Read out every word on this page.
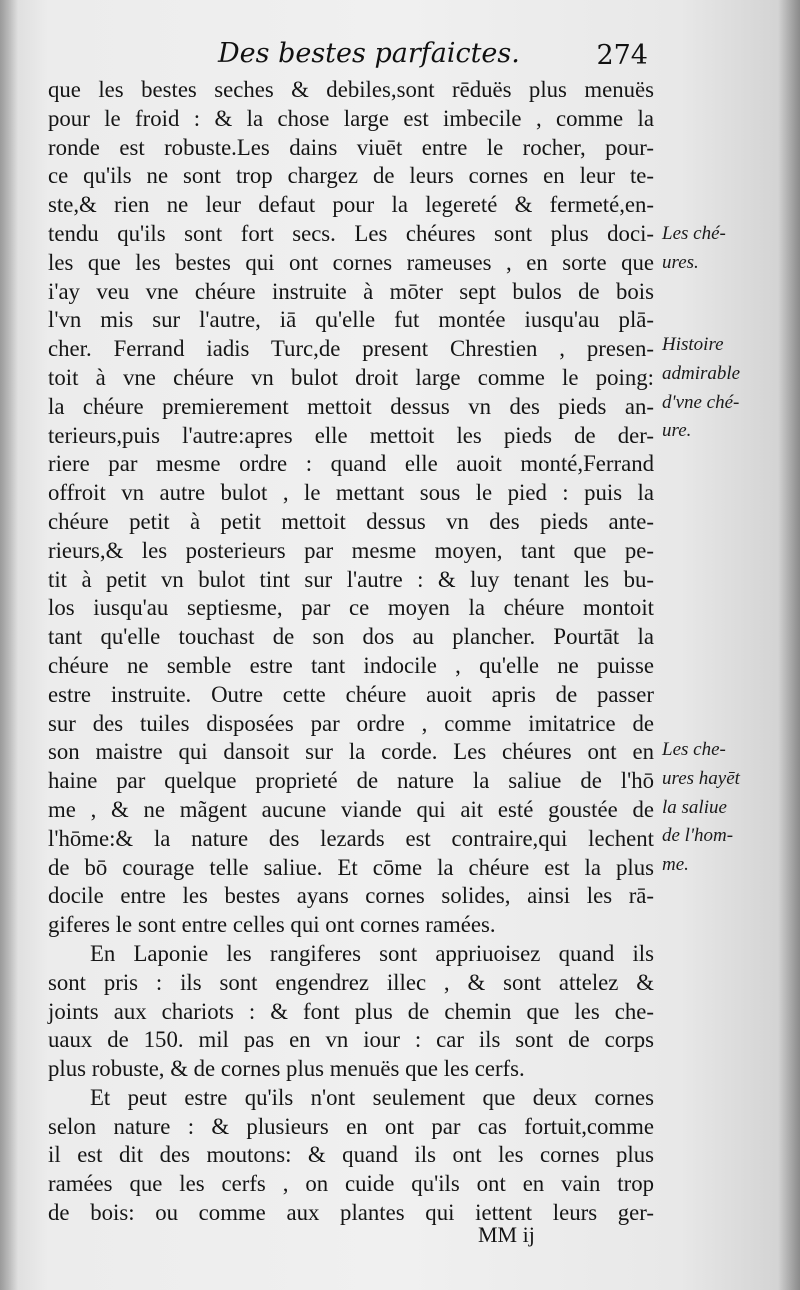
Des bestes parfaictes.	274
que les bestes seches & debiles,sont rēduës plus menuës
pour le froid : & la chose large est imbecile , comme la
ronde est robuste.Les dains viuēt entre le rocher, pour-
ce qu'ils ne sont trop chargez de leurs cornes en leur te-
ste,& rien ne leur defaut pour la legereté & fermeté,en-
tendu qu'ils sont fort secs. Les chéures sont plus doci-
les que les bestes qui ont cornes rameuses , en sorte que
i'ay veu vne chéure instruite à mōter sept bulos de bois
l'vn mis sur l'autre, iā qu'elle fut montée iusqu'au plā-
cher. Ferrand iadis Turc,de present Chrestien , presen-
toit à vne chéure vn bulot droit large comme le poing:
la chéure premierement mettoit dessus vn des pieds an-
terieurs,puis l'autre:apres elle mettoit les pieds de der-
riere par mesme ordre : quand elle auoit monté,Ferrand
offroit vn autre bulot , le mettant sous le pied : puis la
chéure petit à petit mettoit dessus vn des pieds ante-
rieurs,& les posterieurs par mesme moyen, tant que pe-
tit à petit vn bulot tint sur l'autre : & luy tenant les bu-
los iusqu'au septiesme, par ce moyen la chéure montoit
tant qu'elle touchast de son dos au plancher. Pourtāt la
chéure ne semble estre tant indocile , qu'elle ne puisse
estre instruite. Outre cette chéure auoit apris de passer
sur des tuiles disposées par ordre , comme imitatrice de
son maistre qui dansoit sur la corde. Les chéures ont en
haine par quelque proprieté de nature la saliue de l'hō
me , & ne mãgent aucune viande qui ait esté goustée de
l'hōme:& la nature des lezards est contraire,qui lechent
de bō courage telle saliue. Et cōme la chéure est la plus
docile entre les bestes ayans cornes solides, ainsi les rā-
giferes le sont entre celles qui ont cornes ramées.
En Laponie les rangiferes sont appriuoisez quand ils
sont pris : ils sont engendrez illec , & sont attelez &
joints aux chariots : & font plus de chemin que les che-
uaux de 150. mil pas en vn iour : car ils sont de corps
plus robuste, & de cornes plus menuës que les cerfs.
Et peut estre qu'ils n'ont seulement que deux cornes
selon nature : & plusieurs en ont par cas fortuit,comme
il est dit des moutons: & quand ils ont les cornes plus
ramées que les cerfs , on cuide qu'ils ont en vain trop
de bois: ou comme aux plantes qui iettent leurs ger-
Les ché-
ures.
Histoire
admirable
d'vne ché-
ure.
Les che-
ures hayēt
la saliue
de l'hom-
me.
MM ij
